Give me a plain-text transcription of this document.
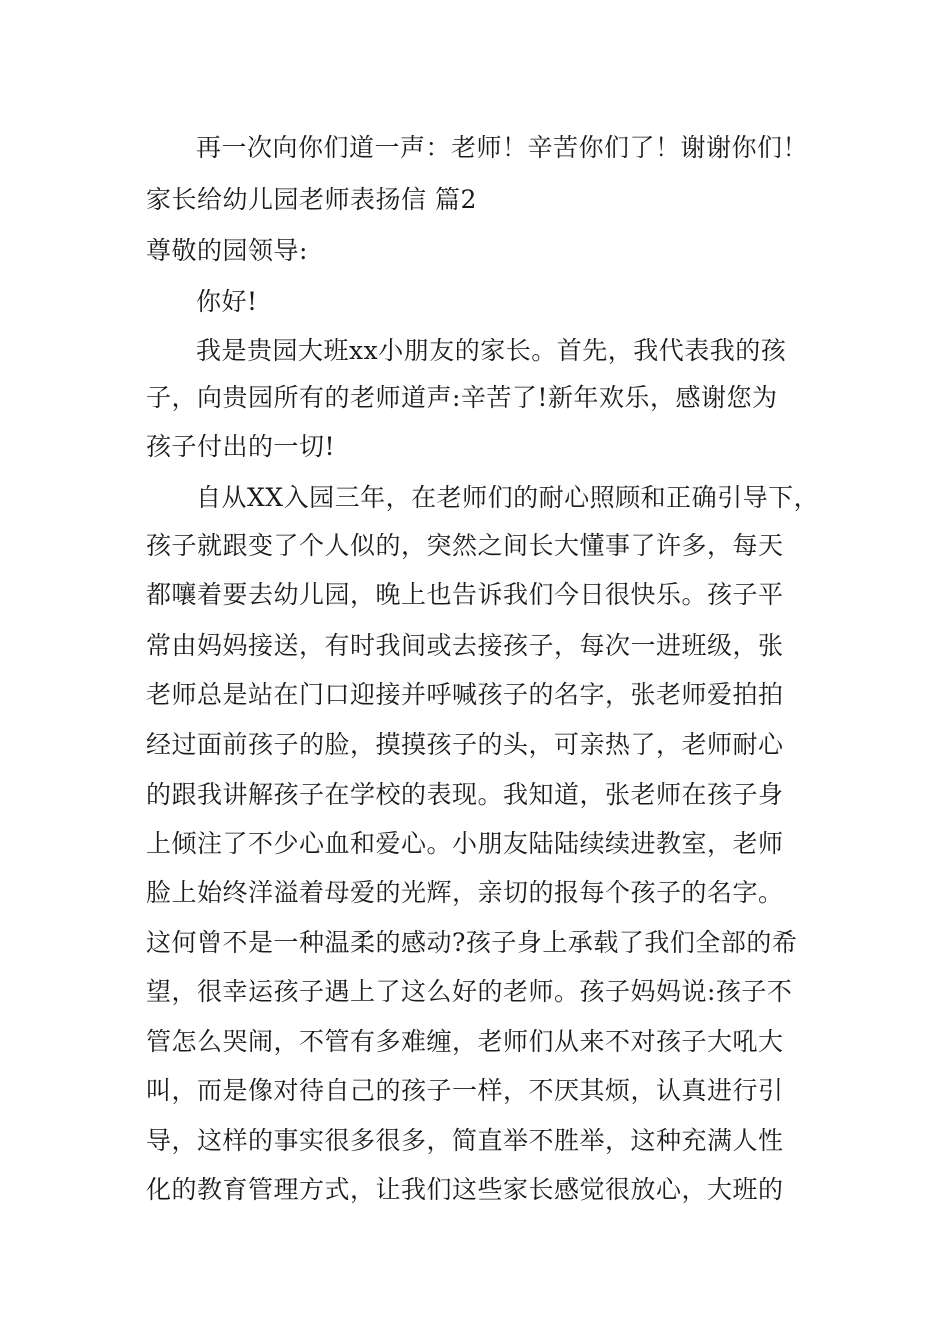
再一次向你们道一声：老师！辛苦你们了！谢谢你们！
家长给幼儿园老师表扬信 篇2
尊敬的园领导:
你好!
我是贵园大班xx小朋友的家长。首先，我代表我的孩
子，向贵园所有的老师道声:辛苦了!新年欢乐，感谢您为
孩子付出的一切!
自从XX入园三年，在老师们的耐心照顾和正确引导下，
孩子就跟变了个人似的，突然之间长大懂事了许多，每天
都嚷着要去幼儿园，晚上也告诉我们今日很快乐。孩子平
常由妈妈接送，有时我间或去接孩子，每次一进班级，张
老师总是站在门口迎接并呼喊孩子的名字，张老师爱拍拍
经过面前孩子的脸，摸摸孩子的头，可亲热了，老师耐心
的跟我讲解孩子在学校的表现。我知道，张老师在孩子身
上倾注了不少心血和爱心。小朋友陆陆续续进教室，老师
脸上始终洋溢着母爱的光辉，亲切的报每个孩子的名字。
这何曾不是一种温柔的感动?孩子身上承载了我们全部的希
望，很幸运孩子遇上了这么好的老师。孩子妈妈说:孩子不
管怎么哭闹，不管有多难缠，老师们从来不对孩子大吼大
叫，而是像对待自己的孩子一样，不厌其烦，认真进行引
导，这样的事实很多很多，简直举不胜举，这种充满人性
化的教育管理方式，让我们这些家长感觉很放心，大班的
